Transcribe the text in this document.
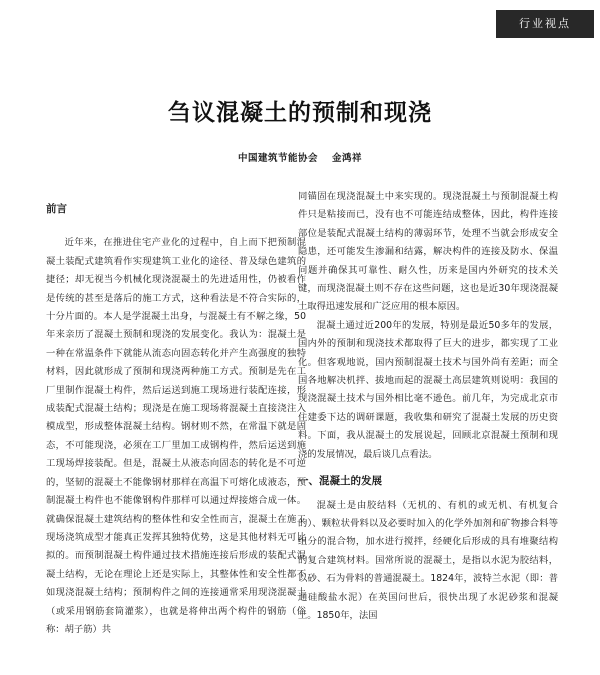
行业视点
刍议混凝土的预制和现浇
中国建筑节能协会 金鸿祥
前言

近年来，在推进住宅产业化的过程中，自上而下把预制混凝土装配式建筑看作实现建筑工业化的途径、普及绿色建筑的捷径；却无视当今机械化现浇混凝土的先进适用性，仍被看作是传统的甚至是落后的施工方式，这种看法是不符合实际的，十分片面的。本人是学混凝土出身，与混凝土有不解之缘，50年来亲历了混凝土预制和现浇的发展变化。我认为：混凝土是一种在常温条件下就能从流态向固态转化并产生高强度的独特材料，因此就形成了预制和现浇两种施工方式。预制是先在工厂里制作混凝土构件，然后运送到施工现场进行装配连接，形成装配式混凝土结构；现浇是在施工现场将混凝土直接浇注入模成型，形成整体混凝土结构。钢材则不然，在常温下就是固态，不可能现浇，必须在工厂里加工成钢构件，然后运送到施工现场焊接装配。但是，混凝土从液态向固态的转化是不可逆的，坚韧的混凝土不能像钢材那样在高温下可熔化成液态，预制混凝土构件也不能像钢构件那样可以通过焊接熔合成一体。就确保混凝土建筑结构的整体性和安全性而言，混凝土在施工现场浇筑成型才能真正发挥其独特优势，这是其他材料无可比拟的。而预制混凝土构件通过技术措施连接后形成的装配式混凝土结构，无论在理论上还是实际上，其整体性和安全性都不如现浇混凝土结构；预制构件之间的连接通常采用现浇混凝土（或采用钢筋套筒灌浆），也就是将伸出两个构件的钢筋（俗称：胡子筋）共

同锚固在现浇混凝土中来实现的。现浇混凝土与预制混凝土构件只是粘接而已，没有也不可能连结成整体，因此，构件连接部位是装配式混凝土结构的薄弱环节，处理不当就会形成安全隐患，还可能发生渗漏和结露，解决构件的连接及防水、保温问题并确保其可靠性、耐久性，历来是国内外研究的技术关键，而现浇混凝土则不存在这些问题，这也是近30年现浇混凝土取得迅速发展和广泛应用的根本原因。

混凝土通过近200年的发展，特别是最近50多年的发展，国内外的预制和现浇技术都取得了巨大的进步，都实现了工业化。但客观地说，国内预制混凝土技术与国外尚有差距；而全国各地解决机拌、拔地而起的混凝土高层建筑则说明：我国的现浇混凝土技术与国外相比毫不逊色。前几年，为完成北京市住建委下达的调研课题，我收集和研究了混凝土发展的历史资料。下面，我从混凝土的发展说起，回顾北京混凝土预制和现浇的发展情况，最后谈几点看法。

一、混凝土的发展

混凝土是由胶结料（无机的、有机的或无机、有机复合的）、颗粒状骨料以及必要时加入的化学外加剂和矿物掺合料等组分的混合物，加水进行搅拌，经硬化后形成的具有堆聚结构的复合建筑材料。国常所说的混凝土，是指以水泥为胶结料，以砂、石为骨料的普通混凝土。1824年，波特兰水泥（即：普通硅酸盐水泥）在英国问世后，很快出现了水泥砂浆和混凝土。1850年，法国
